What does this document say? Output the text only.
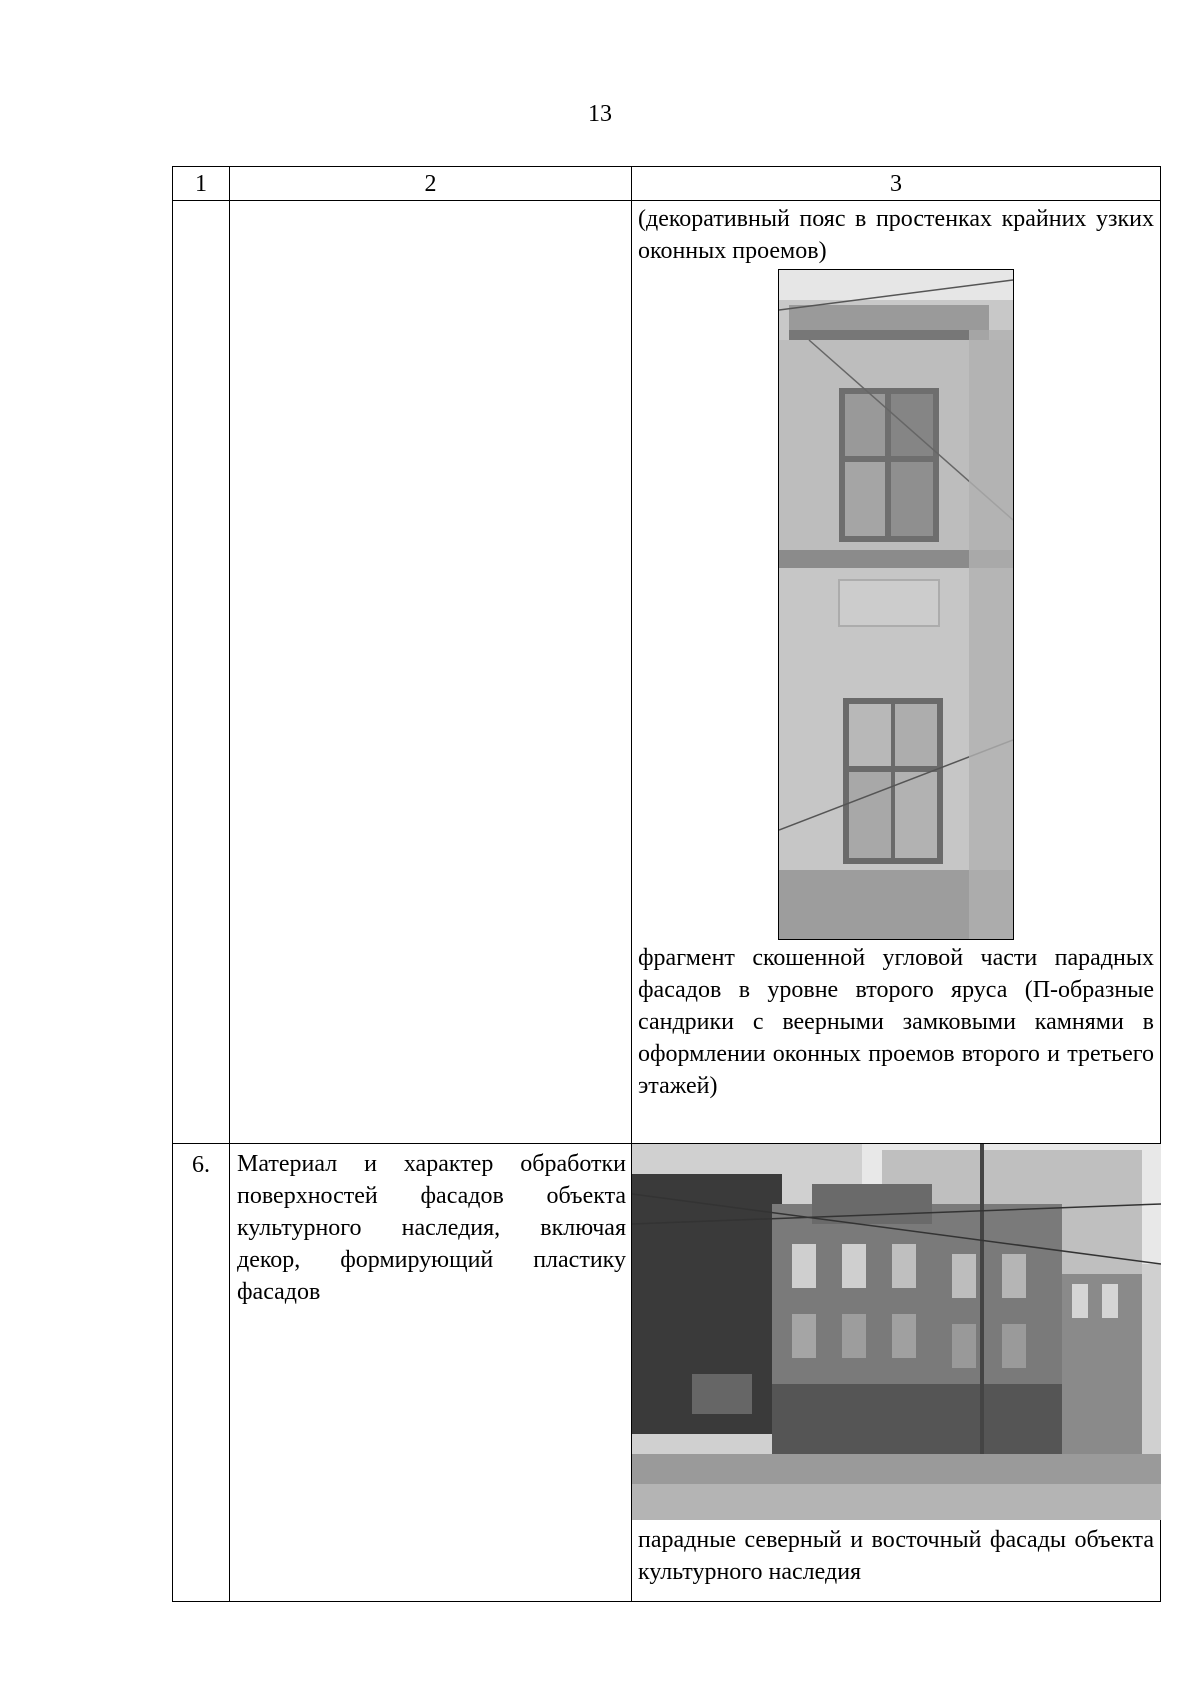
13
1	2	3

		(декоративный пояс в простенках крайних узких оконных проемов)
фрагмент скошенной угловой части парадных фасадов в уровне второго яруса (П-образные сандрики с веерными замковыми камнями в оформлении оконных проемов второго и третьего этажей)

6.	Материал и характер обработки поверхностей фасадов объекта культурного наследия, включая декор, формирующий пластику фасадов	парадные северный и восточный фасады объекта культурного наследия
